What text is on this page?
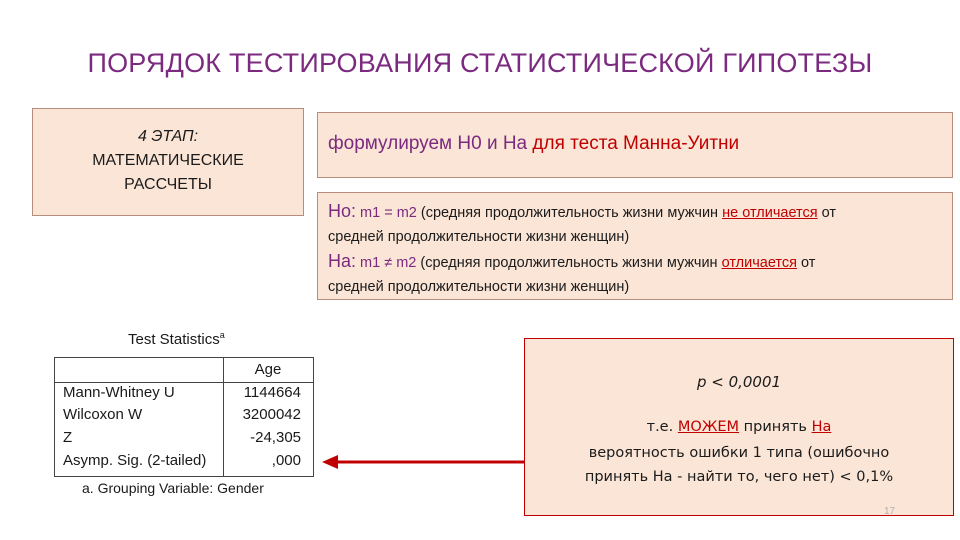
ПОРЯДОК ТЕСТИРОВАНИЯ СТАТИСТИЧЕСКОЙ ГИПОТЕЗЫ
4 ЭТАП:
МАТЕМАТИЧЕСКИЕ
РАССЧЕТЫ
формулируем Н0 и На для теста Манна-Уитни
Но: m1 = m2 (средняя продолжительность жизни мужчин не отличается от
средней продолжительности жизни женщин)
На: m1 ≠ m2 (средняя продолжительность жизни мужчин отличается от
средней продолжительности жизни женщин)
Test Statistics$^a$
Age
Mann-Whitney U	1144664
Wilcoxon W	3200042
Z	-24,305
Asymp. Sig. (2-tailed)	,000
a. Grouping Variable: Gender
p < 0,0001
т.е. МОЖЕМ принять На
вероятность ошибки 1 типа (ошибочно
принять На - найти то, чего нет) < 0,1%
17
